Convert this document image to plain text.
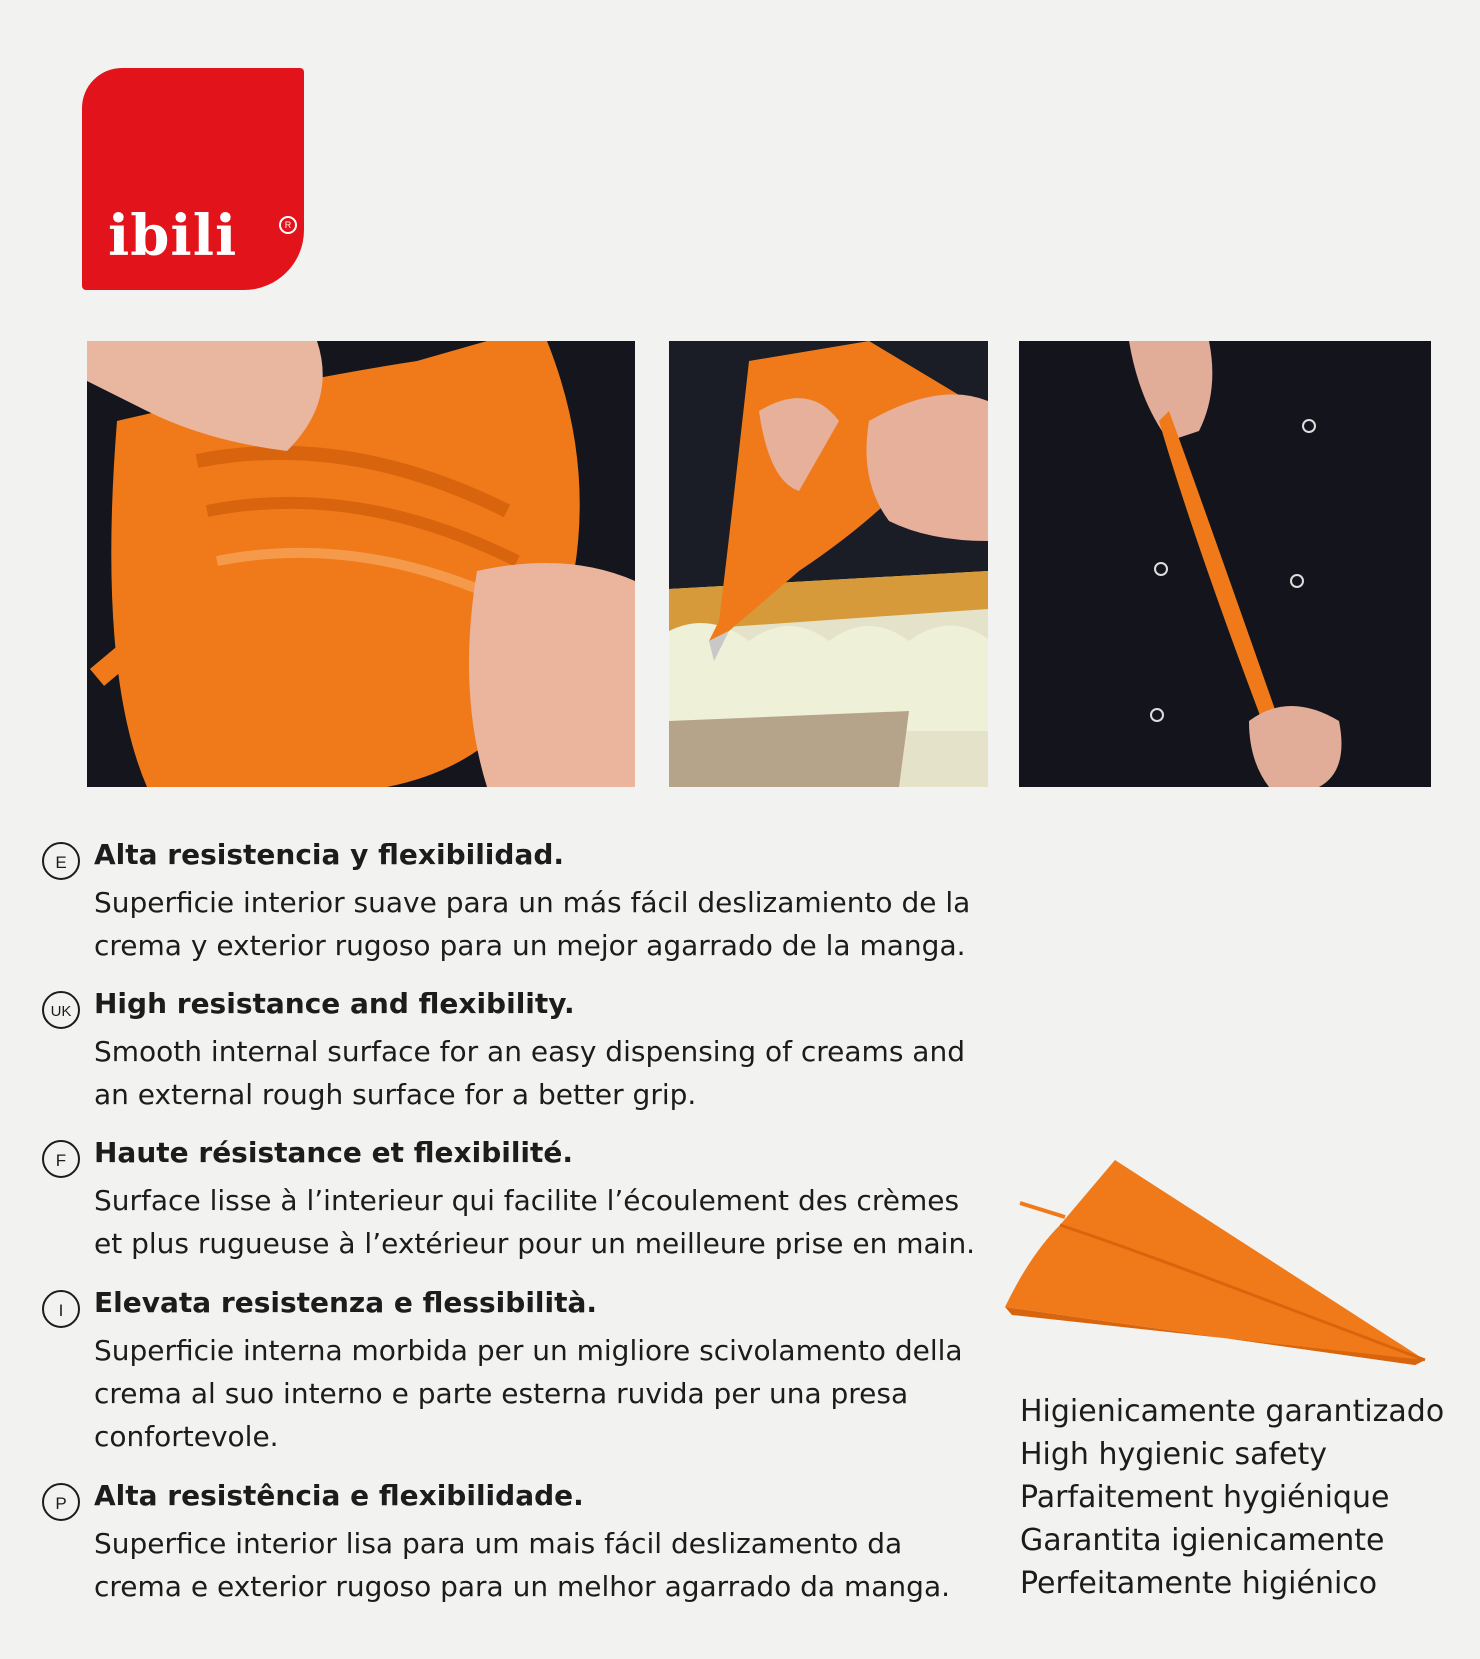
ibili	R
E Alta resistencia y flexibilidad.
Superficie interior suave para un más fácil deslizamiento de la
crema y exterior rugoso para un mejor agarrado de la manga.
UK High resistance and flexibility.
Smooth internal surface for an easy dispensing of creams and
an external rough surface for a better grip.
F Haute résistance et flexibilité.
Surface lisse à l’interieur qui facilite l’écoulement des crèmes
et plus rugueuse à l’extérieur pour un meilleure prise en main.
I	Elevata resistenza e flessibilità.
Superficie interna morbida per un migliore scivolamento della
crema al suo interno e parte esterna ruvida per una presa
confortevole.
P Alta resistência e flexibilidade.
Superfice interior lisa para um mais fácil deslizamento da
crema e exterior rugoso para un melhor agarrado da manga.
Higienicamente garantizado
High hygienic safety
Parfaitement hygiénique
Garantita igienicamente
Perfeitamente higiénico
